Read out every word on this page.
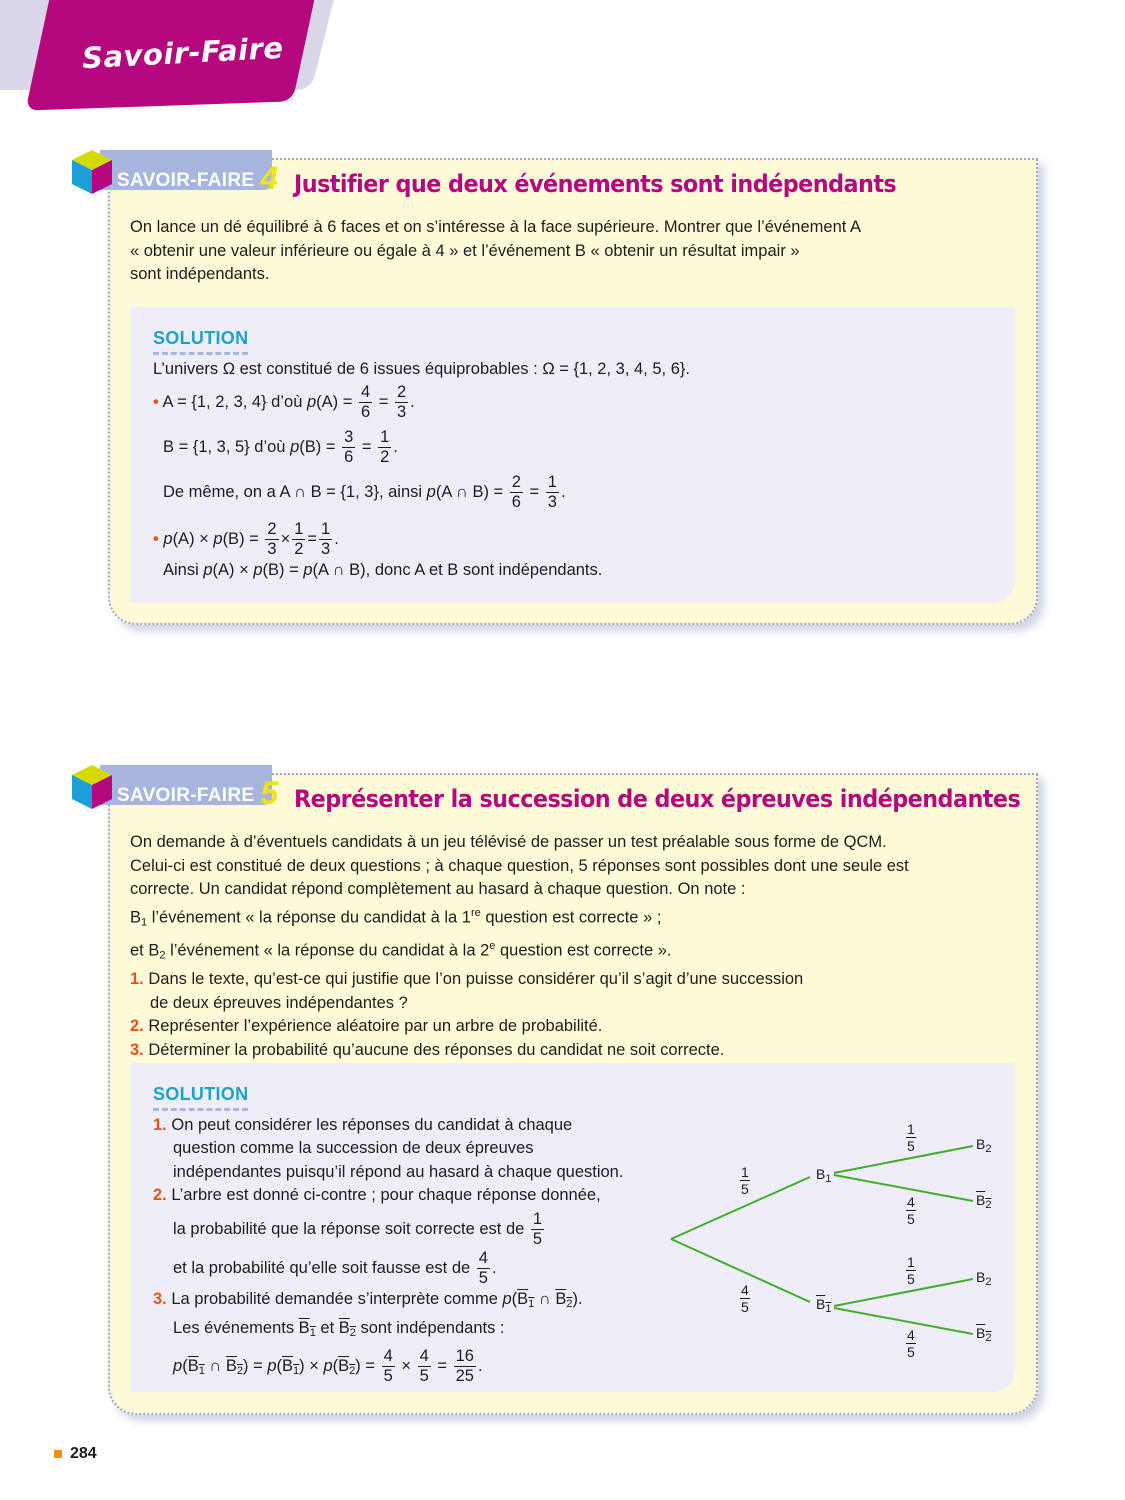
Savoir-Faire
SAVOIR-FAIRE 4 Justifier que deux événements sont indépendants
On lance un dé équilibré à 6 faces et on s’intéresse à la face supérieure. Montrer que l’événement A
« obtenir une valeur inférieure ou égale à 4 » et l’événement B « obtenir un résultat impair »
sont indépendants.
SOLUTION
L’univers Ω est constitué de 6 issues équiprobables : Ω = {1, 2, 3, 4, 5, 6}.
• A = {1, 2, 3, 4} d’où $p(A) = \frac{4}{6} = \frac{2}{3}$ .
B = {1, 3, 5} d’où $p(B) = \frac{3}{6} = \frac{1}{2}$ .
De même, on a A ∩ B = {1, 3}, ainsi p(A ∩ $B) = \frac{2}{6} = \frac{1}{3}$ .
• $p(A) \times p(B) = \frac{2}{3} \times \frac{1}{2} = \frac{1}{3}$ .
Ainsi p(A) × p(B) = p(A ∩ B), donc A et B sont indépendants.
SAVOIR-FAIRE 5 Représenter la succession de deux épreuves indépendantes
On demande à d’éventuels candidats à un jeu télévisé de passer un test préalable sous forme de QCM.
Celui-ci est constitué de deux questions ; à chaque question, 5 réponses sont possibles dont une seule est
correcte. Un candidat répond complètement au hasard à chaque question. On note :
$B_1$ l’événement « la réponse du candidat à la 1re question est correcte » ;
et $B_2$ l’événement « la réponse du candidat à la 2e question est correcte ».
1. Dans le texte, qu’est-ce qui justifie que l’on puisse considérer qu’il s’agit d’une succession
de deux épreuves indépendantes ?
2. Représenter l’expérience aléatoire par un arbre de probabilité.
3. Déterminer la probabilité qu’aucune des réponses du candidat ne soit correcte.
SOLUTION
1. On peut considérer les réponses du candidat à chaque
question comme la succession de deux épreuves
indépendantes puisqu’il répond au hasard à chaque question.
2. L’arbre est donné ci-contre ; pour chaque réponse donnée,
la probabilité que la réponse soit correcte est de $\frac{1}{5}$
et la probabilité qu’elle soit fausse est de $\frac{4}{5}$ .
3. La probabilité demandée s’interprète comme $p(B_1$ ∩ $B_2$).
Les événements $B_1$ et $B_2$ sont indépendants :
$p(B_1$ ∩ $B_2) = p(B_1) \times p(B_2) = \frac{4}{5} \times \frac{4}{5} = \frac{16}{25}$ .
$B_1$
$B_1$
$B_2$
$B_2$
$B_2$
$B_2$
1
5
4
5
1
5
4
5
1
5
4
5
284
